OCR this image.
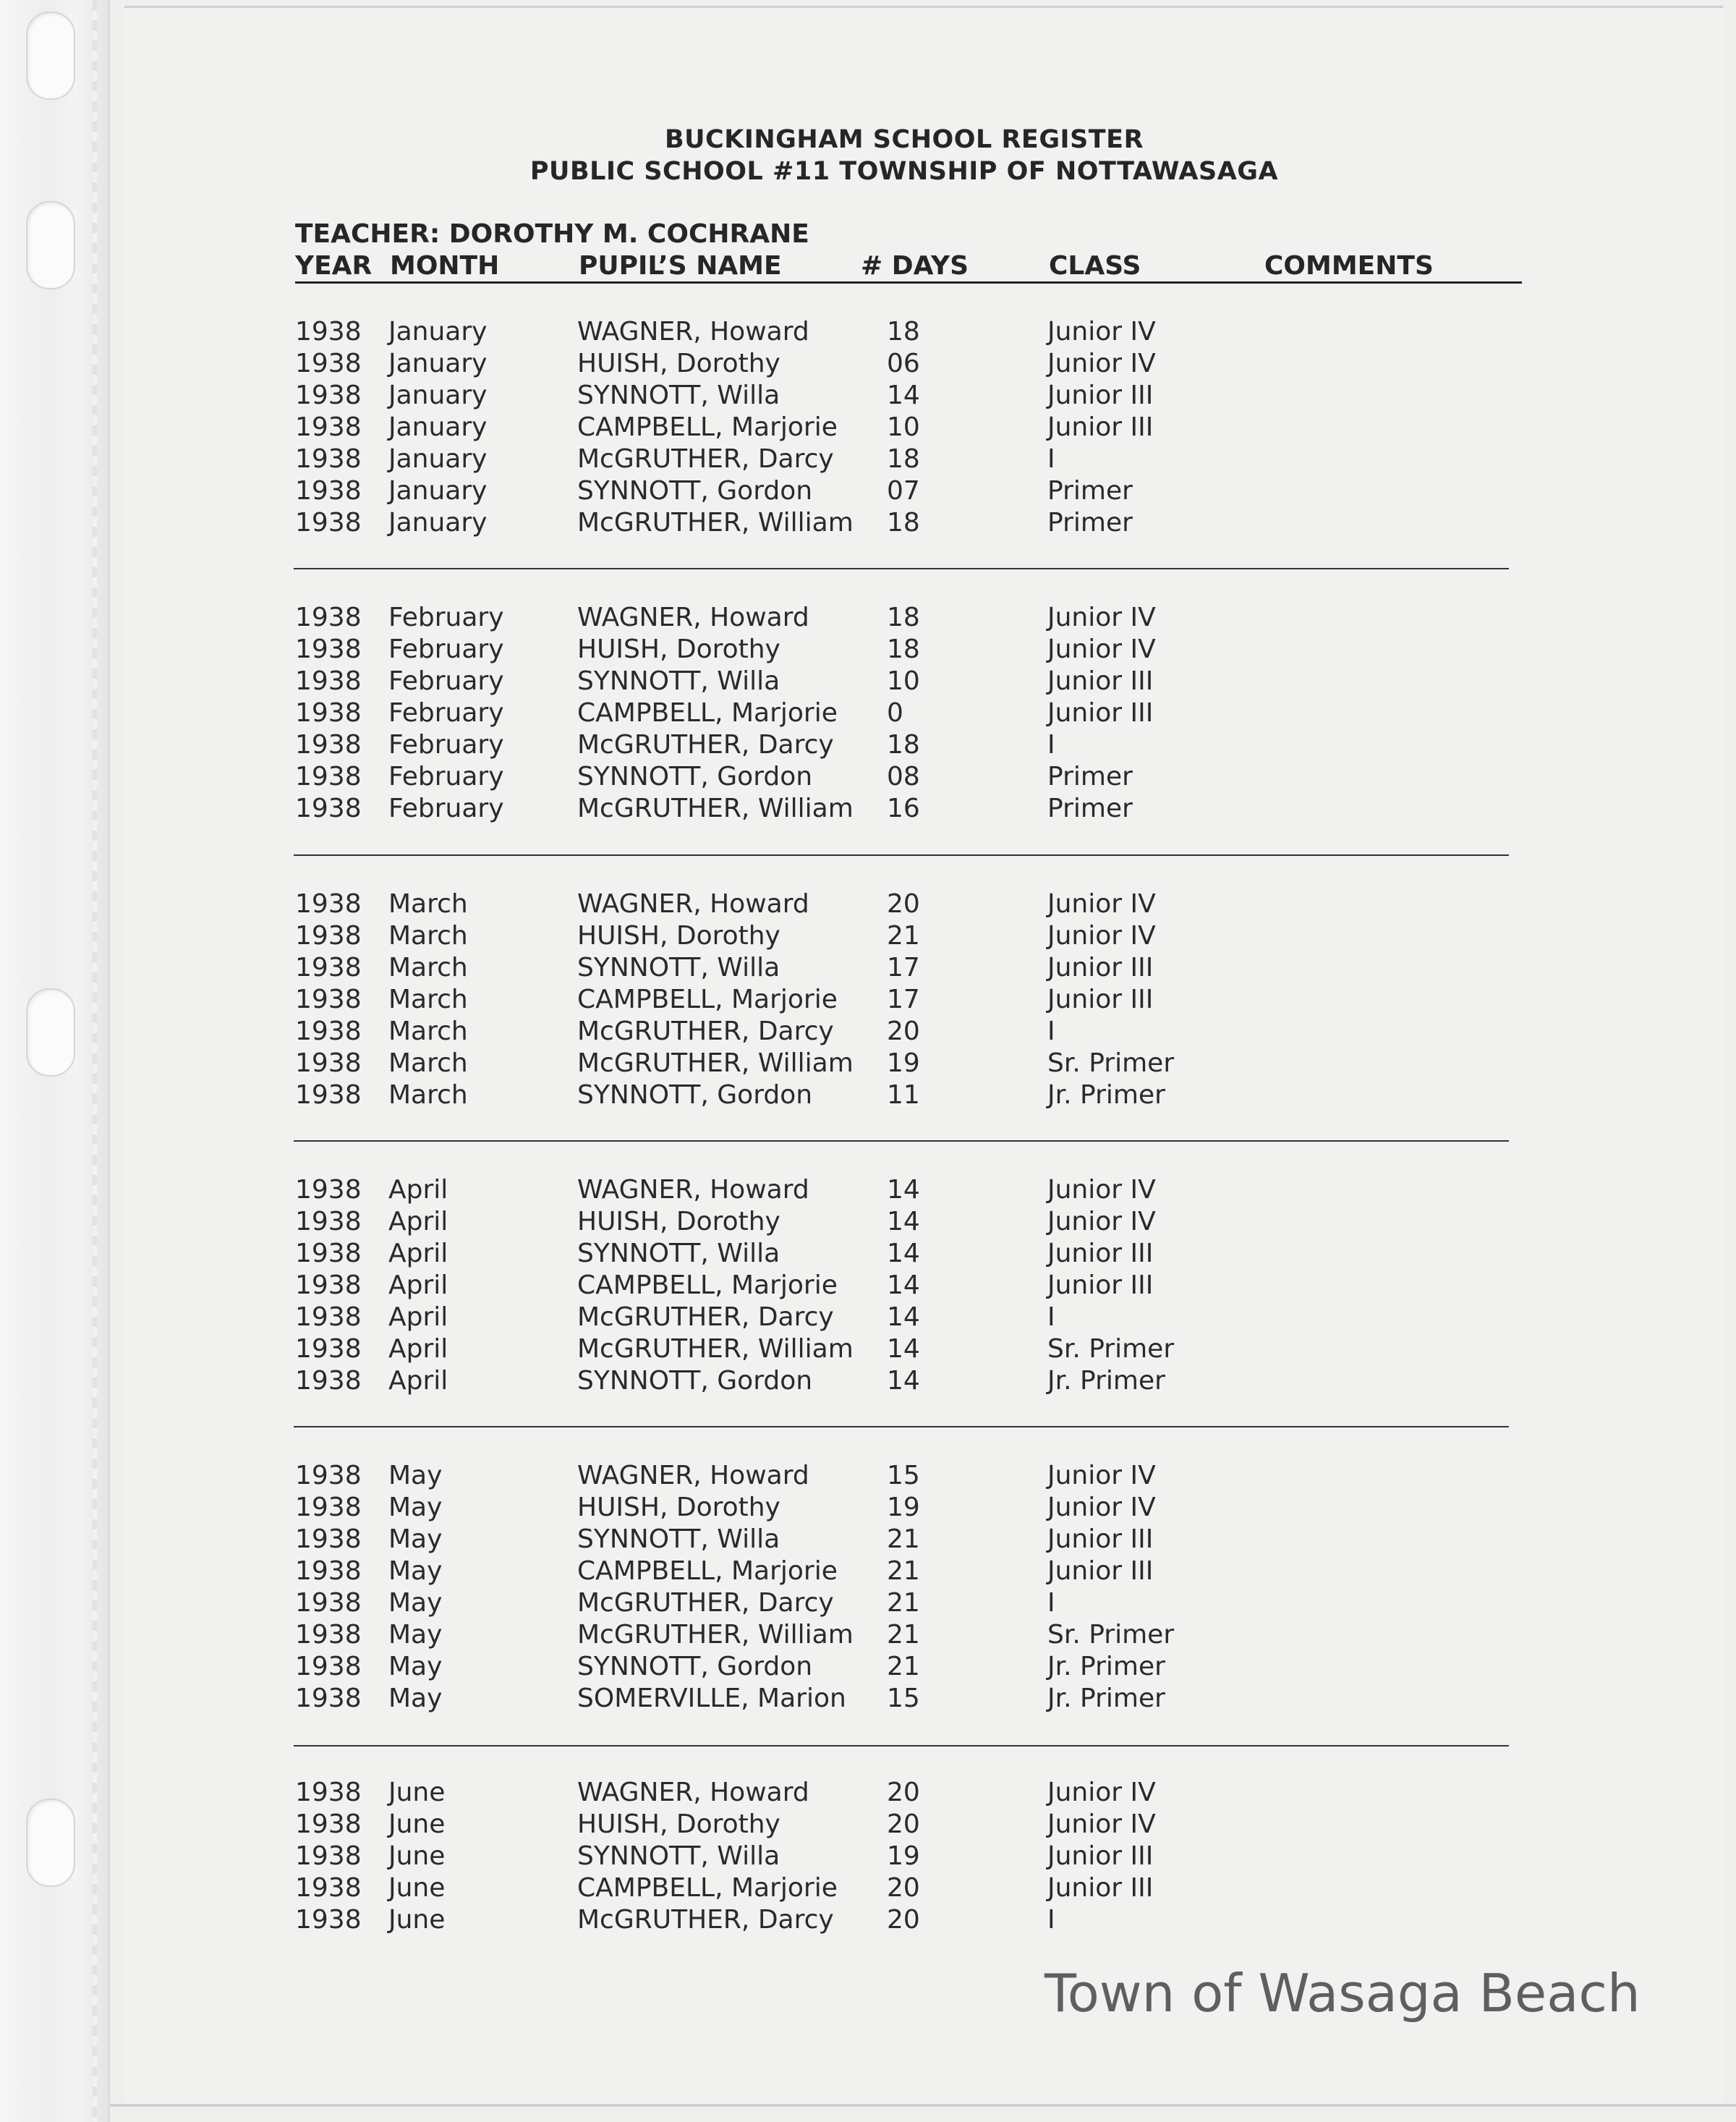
BUCKINGHAM SCHOOL REGISTER
PUBLIC SCHOOL #11 TOWNSHIP OF NOTTAWASAGA
TEACHER: DOROTHY M. COCHRANE
YEAR MONTH	PUPIL’S NAME	# DAYS	CLASS	COMMENTS
1938 January	WAGNER, Howard	18	Junior IV
1938 January	HUISH, Dorothy	06	Junior IV
1938 January	SYNNOTT, Willa	14	Junior III
1938 January	CAMPBELL, Marjorie 10	Junior III
1938 January	McGRUTHER, Darcy 18	I
1938 January	SYNNOTT, Gordon	07	Primer
1938 January	McGRUTHER, William 18	Primer
1938 February	WAGNER, Howard	18	Junior IV
1938 February	HUISH, Dorothy	18	Junior IV
1938 February	SYNNOTT, Willa	10	Junior III
1938 February	CAMPBELL, Marjorie 0	Junior III
1938 February	McGRUTHER, Darcy 18	I
1938 February	SYNNOTT, Gordon	08	Primer
1938 February	McGRUTHER, William 16	Primer
1938 March	WAGNER, Howard	20	Junior IV
1938 March	HUISH, Dorothy	21	Junior IV
1938 March	SYNNOTT, Willa	17	Junior III
1938 March	CAMPBELL, Marjorie 17	Junior III
1938 March	McGRUTHER, Darcy 20	I
1938 March	McGRUTHER, William 19	Sr. Primer
1938 March	SYNNOTT, Gordon	11	Jr. Primer
1938 April	WAGNER, Howard	14	Junior IV
1938 April	HUISH, Dorothy	14	Junior IV
1938 April	SYNNOTT, Willa	14	Junior III
1938 April	CAMPBELL, Marjorie 14	Junior III
1938 April	McGRUTHER, Darcy 14	I
1938 April	McGRUTHER, William 14	Sr. Primer
1938 April	SYNNOTT, Gordon	14	Jr. Primer
1938 May	WAGNER, Howard	15	Junior IV
1938 May	HUISH, Dorothy	19	Junior IV
1938 May	SYNNOTT, Willa	21	Junior III
1938 May	CAMPBELL, Marjorie 21	Junior III
1938 May	McGRUTHER, Darcy 21	I
1938 May	McGRUTHER, William 21	Sr. Primer
1938 May	SYNNOTT, Gordon	21	Jr. Primer
1938 May	SOMERVILLE, Marion 15	Jr. Primer
1938 June	WAGNER, Howard	20	Junior IV
1938 June	HUISH, Dorothy	20	Junior IV
1938 June	SYNNOTT, Willa	19	Junior III
1938 June	CAMPBELL, Marjorie 20	Junior III
1938 June	McGRUTHER, Darcy 20	I
Town of Wasaga Beach
